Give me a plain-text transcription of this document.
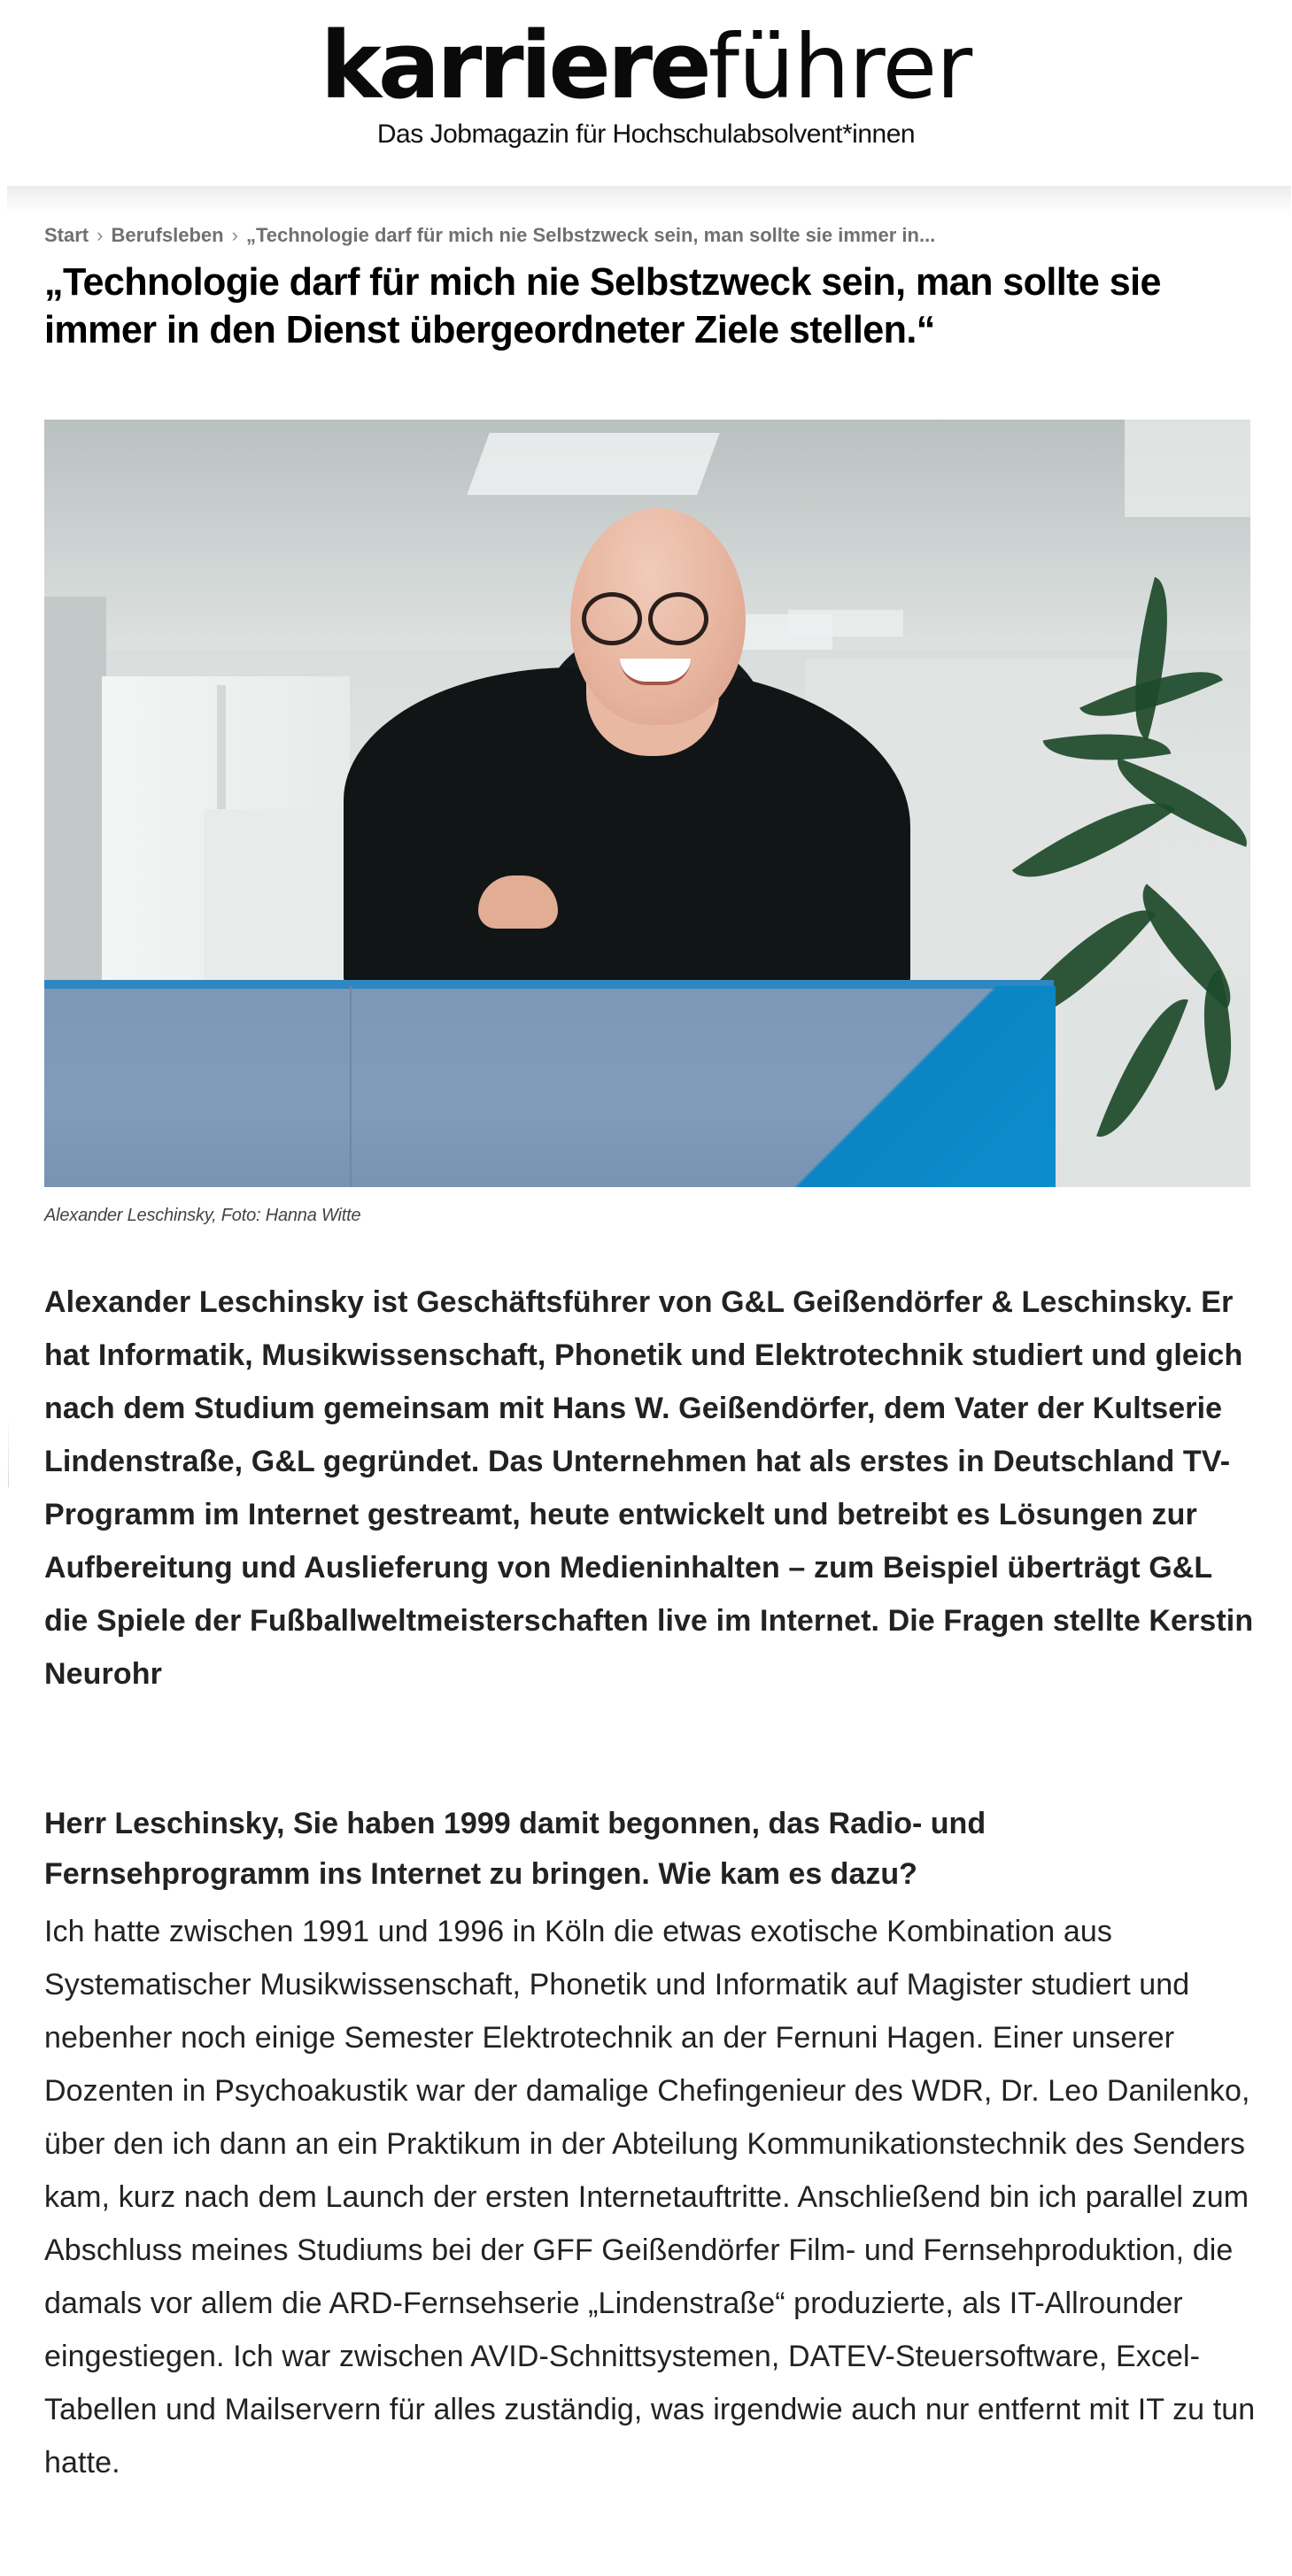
karriereführer
Das Jobmagazin für Hochschulabsolvent*innen
Start › Berufsleben › „Technologie darf für mich nie Selbstzweck sein, man sollte sie immer in...
„Technologie darf für mich nie Selbstzweck sein, man sollte sie immer in den Dienst übergeordneter Ziele stellen.“
Alexander Leschinsky, Foto: Hanna Witte

Alexander Leschinsky ist Geschäftsführer von G&L Geißendörfer & Leschinsky. Er hat Informatik, Musikwissenschaft, Phonetik und Elektrotechnik studiert und gleich nach dem Studium gemeinsam mit Hans W. Geißendörfer, dem Vater der Kultserie Lindenstraße, G&L gegründet. Das Unternehmen hat als erstes in Deutschland TV-Programm im Internet gestreamt, heute entwickelt und betreibt es Lösungen zur Aufbereitung und Auslieferung von Medieninhalten – zum Beispiel überträgt G&L die Spiele der Fußballweltmeisterschaften live im Internet. Die Fragen stellte Kerstin Neurohr

Herr Leschinsky, Sie haben 1999 damit begonnen, das Radio- und Fernsehprogramm ins Internet zu bringen. Wie kam es dazu?

Ich hatte zwischen 1991 und 1996 in Köln die etwas exotische Kombination aus Systematischer Musikwissenschaft, Phonetik und Informatik auf Magister studiert und nebenher noch einige Semester Elektrotechnik an der Fernuni Hagen. Einer unserer Dozenten in Psychoakustik war der damalige Chefingenieur des WDR, Dr. Leo Danilenko, über den ich dann an ein Praktikum in der Abteilung Kommunikationstechnik des Senders kam, kurz nach dem Launch der ersten Internetauftritte. Anschließend bin ich parallel zum Abschluss meines Studiums bei der GFF Geißendörfer Film- und Fernsehproduktion, die damals vor allem die ARD-Fernsehserie „Lindenstraße“ produzierte, als IT-Allrounder eingestiegen. Ich war zwischen AVID-Schnittsystemen, DATEV-Steuersoftware, Excel-Tabellen und Mailservern für alles zuständig, was irgendwie auch nur entfernt mit IT zu tun hatte.
